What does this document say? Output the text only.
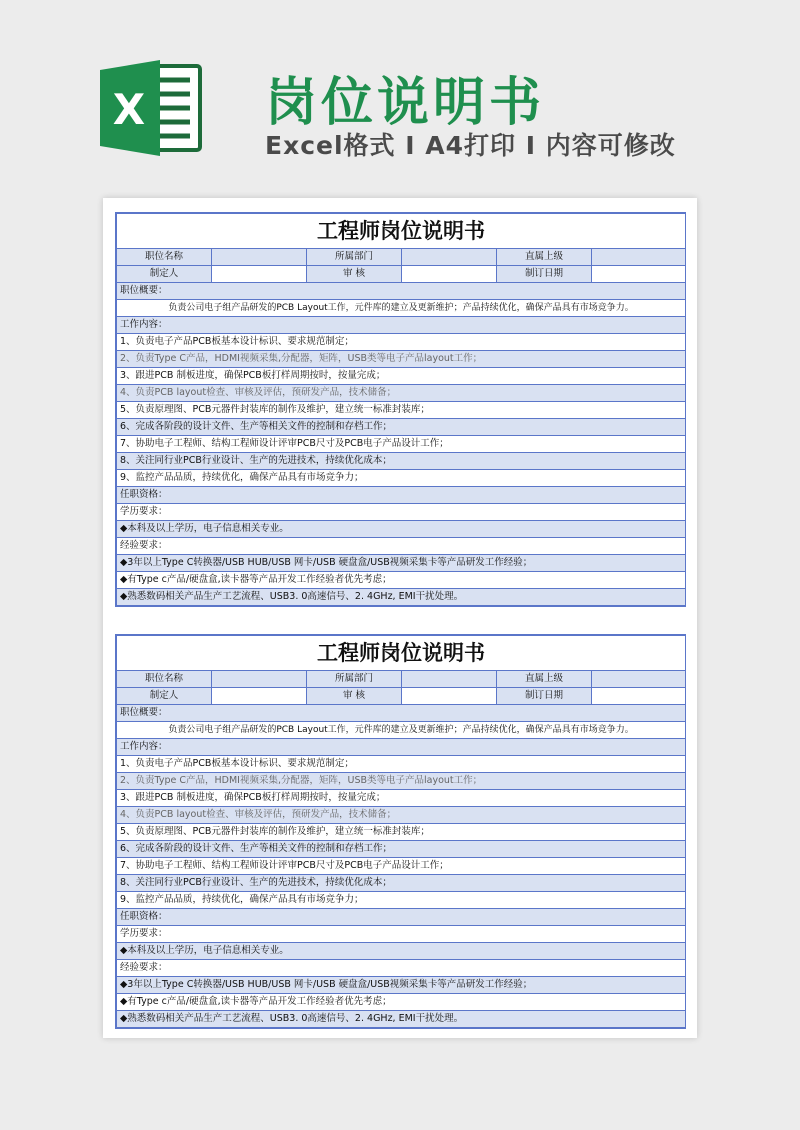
X 岗位说明书
Excel格式 I A4打印 I 内容可修改
工程师岗位说明书					
职位名称		所属部门		直属上级	
制定人		审 核		制订日期	
职位概要：					
负责公司电子组产品研发的PCB Layout工作，元件库的建立及更新维护；产品持续优化，确保产品具有市场竞争力。					
工作内容：					
1、负责电子产品PCB板基本设计标识、要求规范制定；					
2、负责Type C产品，HDMI视频采集,分配器，矩阵，USB类等电子产品layout工作；					
3、跟进PCB 制板进度，确保PCB板打样周期按时，按量完成；					
4、负责PCB layout检查、审核及评估，预研发产品，技术储备；					
5、负责原理图、PCB元器件封装库的制作及维护，建立统一标准封装库；					
6、完成各阶段的设计文件、生产等相关文件的控制和存档工作；					
7、协助电子工程师、结构工程师设计评审PCB尺寸及PCB电子产品设计工作；					
8、关注同行业PCB行业设计、生产的先进技术，持续优化成本；					
9、监控产品品质，持续优化，确保产品具有市场竞争力；					
任职资格：					
学历要求：					
◆本科及以上学历，电子信息相关专业。					
经验要求：					
◆3年以上Type C转换器/USB HUB/USB 网卡/USB 硬盘盒/USB视频采集卡等产品研发工作经验；					
◆有Type c产品/硬盘盒,读卡器等产品开发工作经验者优先考虑；					
◆熟悉数码相关产品生产工艺流程、USB3. 0高速信号、2. 4GHz, EMI干扰处理。					
工程师岗位说明书					
职位名称		所属部门		直属上级	
制定人		审 核		制订日期	
职位概要：					
负责公司电子组产品研发的PCB Layout工作，元件库的建立及更新维护；产品持续优化，确保产品具有市场竞争力。					
工作内容：					
1、负责电子产品PCB板基本设计标识、要求规范制定；					
2、负责Type C产品，HDMI视频采集,分配器，矩阵，USB类等电子产品layout工作；					
3、跟进PCB 制板进度，确保PCB板打样周期按时，按量完成；					
4、负责PCB layout检查、审核及评估，预研发产品，技术储备；					
5、负责原理图、PCB元器件封装库的制作及维护，建立统一标准封装库；					
6、完成各阶段的设计文件、生产等相关文件的控制和存档工作；					
7、协助电子工程师、结构工程师设计评审PCB尺寸及PCB电子产品设计工作；					
8、关注同行业PCB行业设计、生产的先进技术，持续优化成本；					
9、监控产品品质，持续优化，确保产品具有市场竞争力；					
任职资格：					
学历要求：					
◆本科及以上学历，电子信息相关专业。					
经验要求：					
◆3年以上Type C转换器/USB HUB/USB 网卡/USB 硬盘盒/USB视频采集卡等产品研发工作经验；					
◆有Type c产品/硬盘盒,读卡器等产品开发工作经验者优先考虑；					
◆熟悉数码相关产品生产工艺流程、USB3. 0高速信号、2. 4GHz, EMI干扰处理。					
